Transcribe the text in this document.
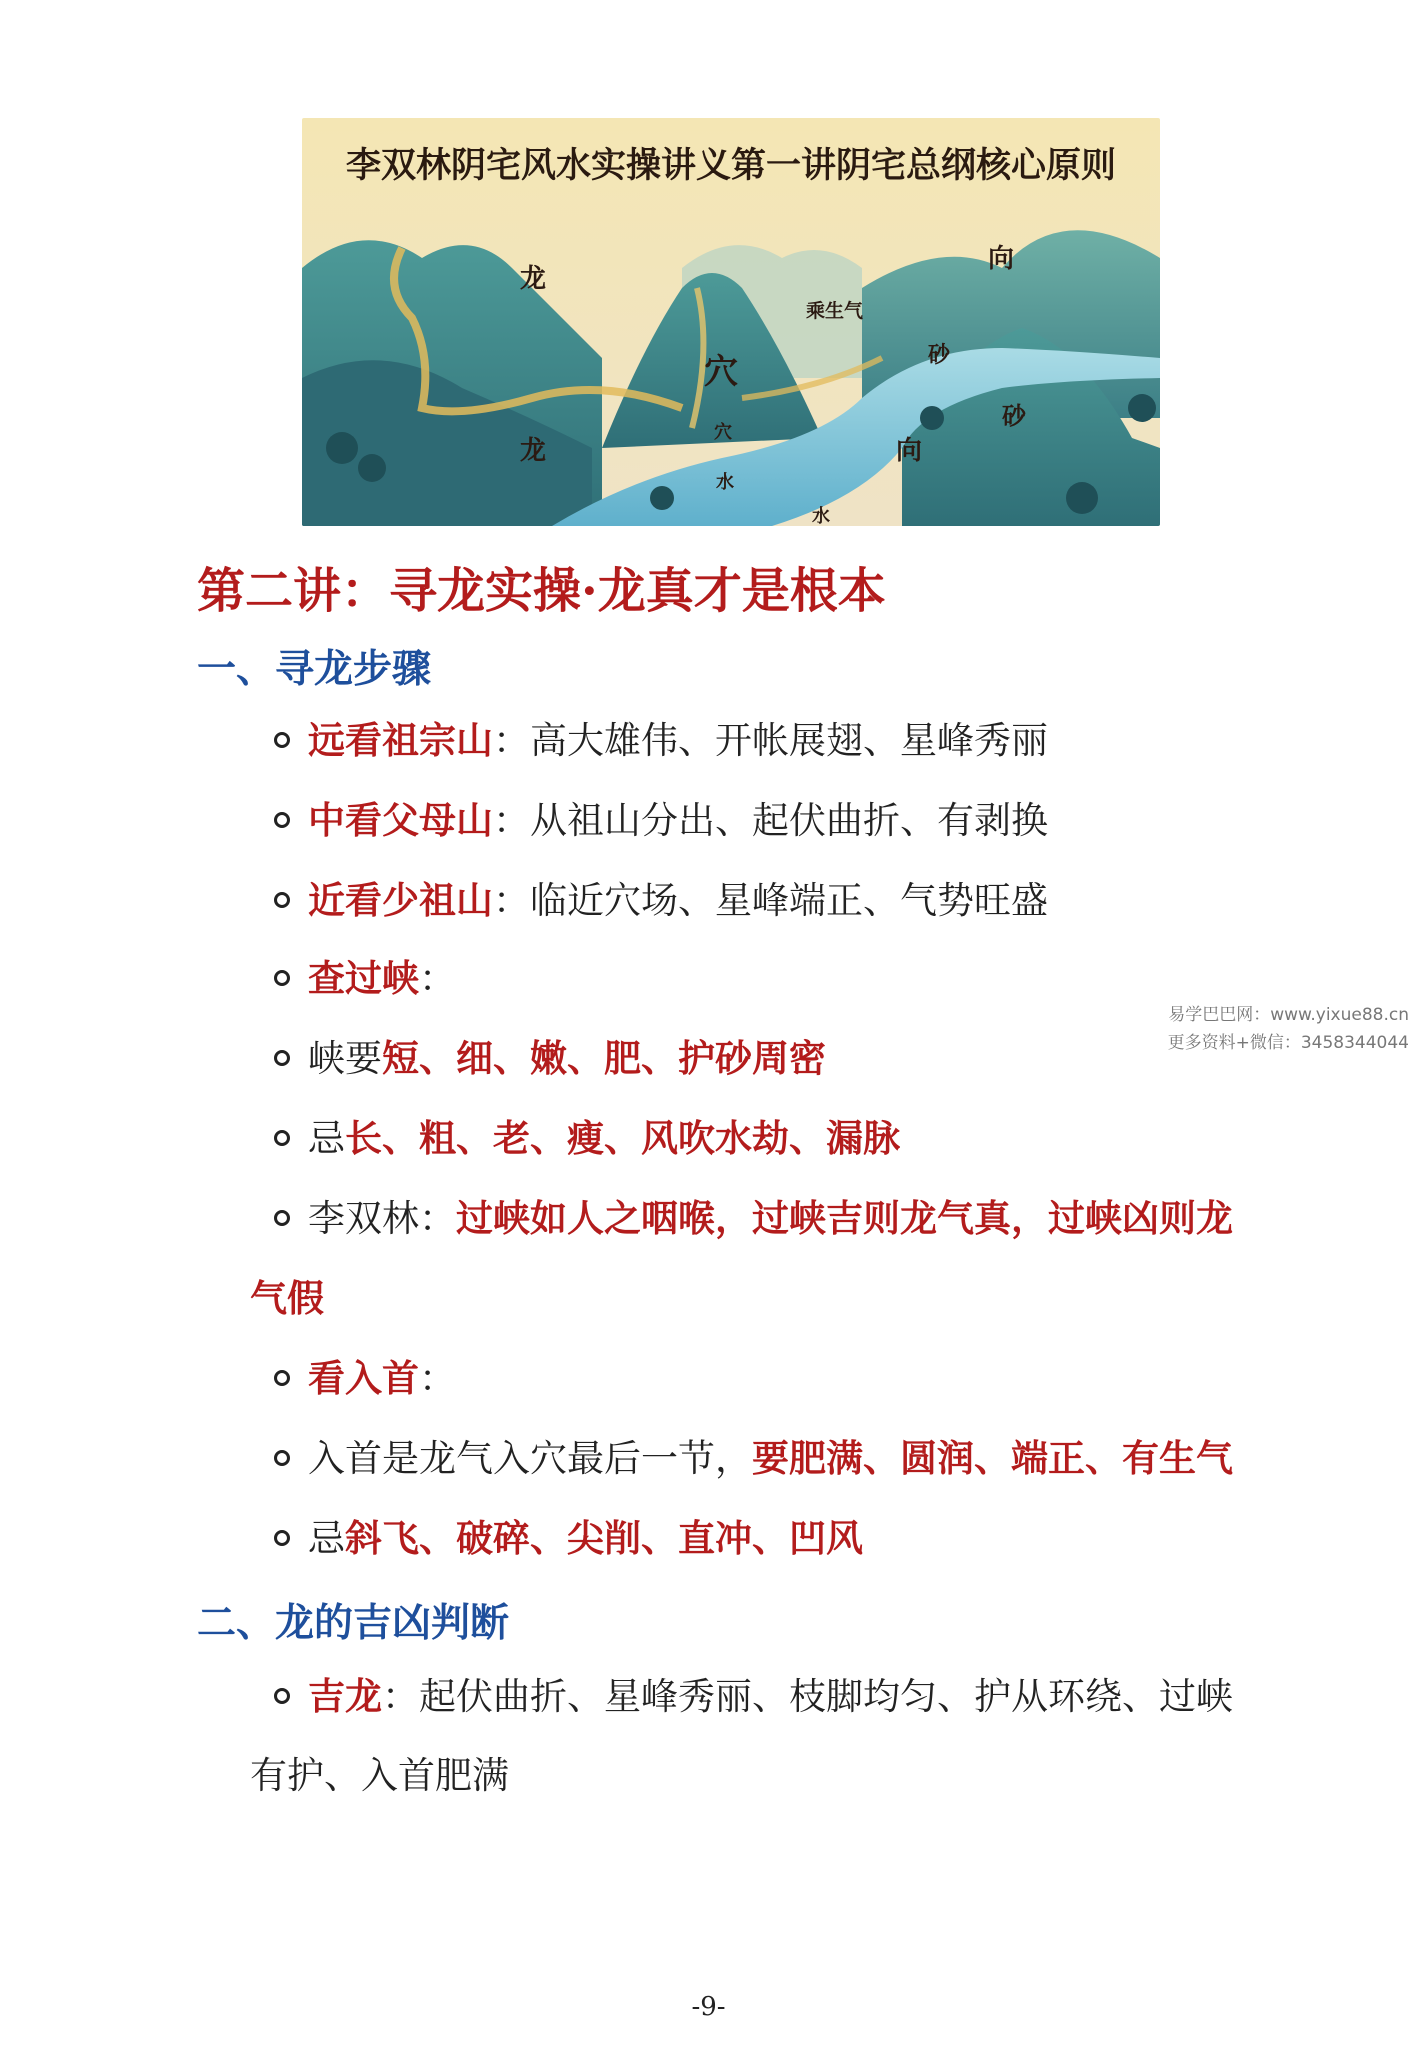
李双林阴宅风水实操讲义第一讲阴宅总纲核心原则
龙
龙
向
向
砂
砂
穴
穴
水
水
乘生气
第二讲：寻龙实操·龙真才是根本
一、寻龙步骤
远看祖宗山：高大雄伟、开帐展翅、星峰秀丽
中看父母山：从祖山分出、起伏曲折、有剥换
近看少祖山：临近穴场、星峰端正、气势旺盛
查过峡：
峡要短、细、嫩、肥、护砂周密
忌长、粗、老、瘦、风吹水劫、漏脉
李双林：过峡如人之咽喉，过峡吉则龙气真，过峡凶则龙
气假
看入首：
入首是龙气入穴最后一节，要肥满、圆润、端正、有生气
忌斜飞、破碎、尖削、直冲、凹风
二、龙的吉凶判断
吉龙：起伏曲折、星峰秀丽、枝脚均匀、护从环绕、过峡
有护、入首肥满
易学巴巴网：www.yixue88.cn
更多资料+微信：3458344044
-9-
